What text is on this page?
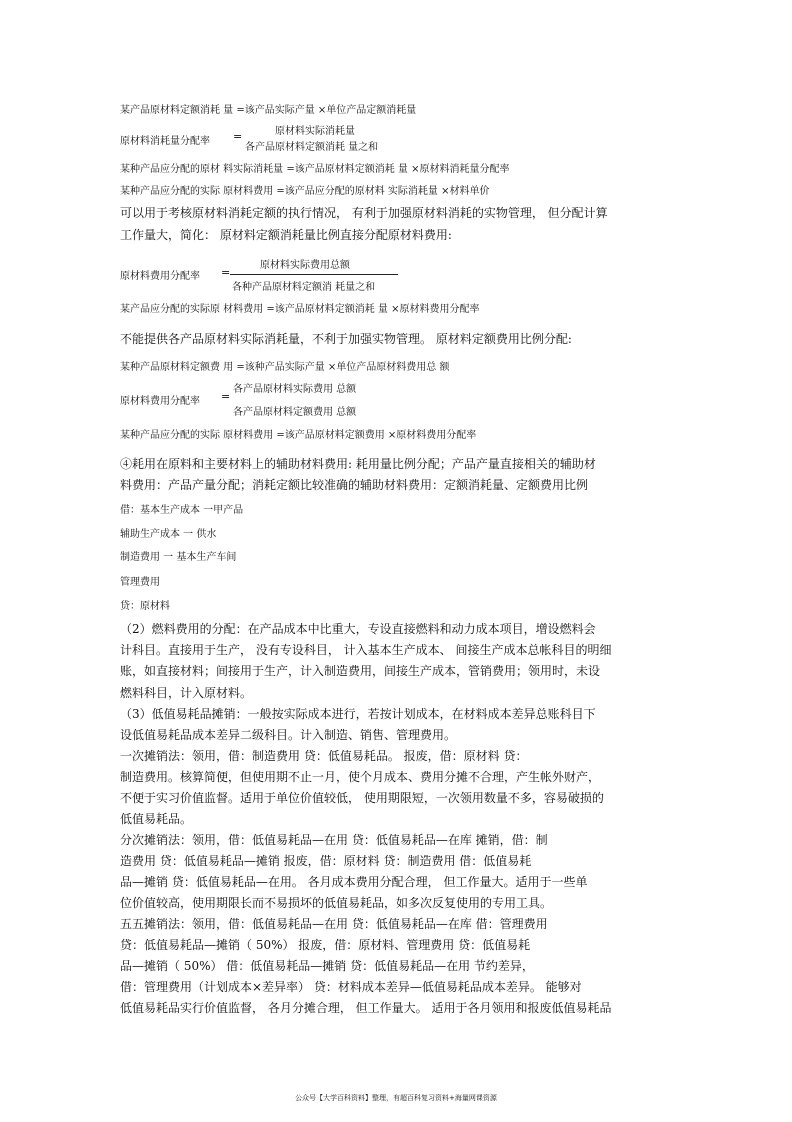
某产品原材料定额消耗 量 =该产品实际产量 ×单位产品定额消耗量
原材料消耗量分配率 =	原材料实际消耗量
各产品原材料定额消耗 量之和
某种产品应分配的原材 料实际消耗量 =该产品原材料定额消耗 量 ×原材料消耗量分配率
某种产品应分配的实际 原材料费用 =该产品应分配的原材料 实际消耗量 ×材料单价
可以用于考核原材料消耗定额的执行情况， 有利于加强原材料消耗的实物管理， 但分配计算
工作量大，简化： 原材料定额消耗量比例直接分配原材料费用:
原材料费用分配率 =
原材料实际费用总额
各种产品原材料定额消 耗量之和
某产品应分配的实际原 材料费用 =该产品原材料定额消耗 量 ×原材料费用分配率
不能提供各产品原材料实际消耗量，不利于加强实物管理。 原材料定额费用比例分配:
某种产品原材料定额费 用 =该种产品实际产量 ×单位产品原材料费用总 额
原材料费用分配率 =
各产品原材料实际费用 总额
各产品原材料定额费用 总额
某种产品应分配的实际 原材料费用 =该产品原材料定额费用 ×原材料费用分配率
④耗用在原料和主要材料上的辅助材料费用: 耗用量比例分配；产品产量直接相关的辅助材
料费用：产品产量分配；消耗定额比较准确的辅助材料费用：定额消耗量、定额费用比例
借：基本生产成本 一甲产品
辅助生产成本 一 供水
制造费用 一 基本生产车间
管理费用
贷：原材料
（2）燃料费用的分配：在产品成本中比重大，专设直接燃料和动力成本项目，增设燃料会
计科目。直接用于生产， 没有专设科目， 计入基本生产成本、 间接生产成本总帐科目的明细
账，如直接材料；间接用于生产，计入制造费用，间接生产成本，管销费用；领用时，未设
燃料科目，计入原材料。
（3）低值易耗品摊销：一般按实际成本进行，若按计划成本，在材料成本差异总账科目下
设低值易耗品成本差异二级科目。计入制造、销售、管理费用。
一次摊销法：领用，借：制造费用 贷：低值易耗品。 报废，借：原材料 贷：
制造费用。核算简便，但使用期不止一月，使个月成本、费用分摊不合理，产生帐外财产，
不便于实习价值监督。适用于单位价值较低， 使用期限短，一次领用数量不多，容易破损的
低值易耗品。
分次摊销法：领用，借：低值易耗品—在用 贷：低值易耗品—在库 摊销，借：制
造费用 贷：低值易耗品—摊销 报废，借：原材料 贷：制造费用 借：低值易耗
品—摊销 贷：低值易耗品—在用。 各月成本费用分配合理， 但工作量大。适用于一些单
位价值较高，使用期限长而不易损坏的低值易耗品，如多次反复使用的专用工具。
五五摊销法：领用，借：低值易耗品—在用 贷：低值易耗品—在库 借：管理费用
贷：低值易耗品—摊销（ 50%） 报废，借：原材料、管理费用 贷：低值易耗
品—摊销（ 50%） 借：低值易耗品—摊销 贷：低值易耗品—在用 节约差异，
借：管理费用（计划成本×差异率） 贷：材料成本差异—低值易耗品成本差异。 能够对
低值易耗品实行价值监督， 各月分摊合理， 但工作量大。 适用于各月领用和报废低值易耗品
公众号【大学百科资料】整理，有超百科复习资料+海量网课资源
